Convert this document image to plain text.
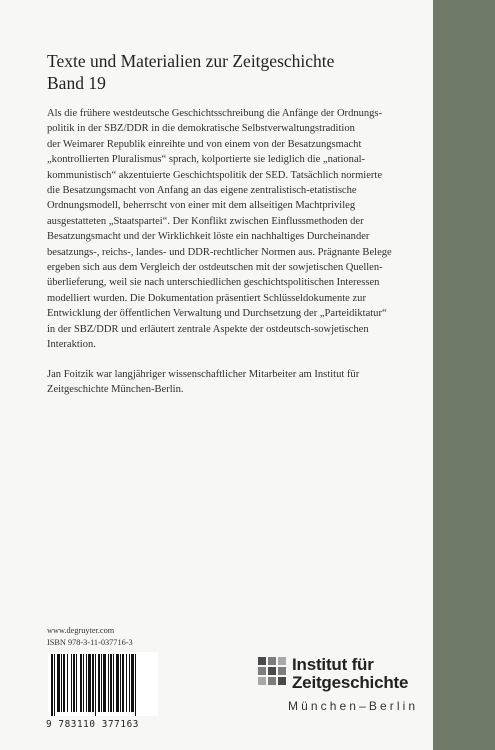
Texte und Materialien zur Zeitgeschichte
Band 19
Als die frühere westdeutsche Geschichtsschreibung die Anfänge der Ordnungs-
politik in der SBZ/DDR in die demokratische Selbstverwaltungstradition
der Weimarer Republik einreihte und von einem von der Besatzungsmacht
„kontrollierten Pluralismus“ sprach, kolportierte sie lediglich die „national-
kommunistisch“ akzentuierte Geschichtspolitik der SED. Tatsächlich normierte
die Besatzungsmacht von Anfang an das eigene zentralistisch-etatistische
Ordnungsmodell, beherrscht von einer mit dem allseitigen Machtprivileg
ausgestatteten „Staatspartei“. Der Konflikt zwischen Einflussmethoden der
Besatzungsmacht und der Wirklichkeit löste ein nachhaltiges Durcheinander
besatzungs-, reichs-, landes- und DDR-rechtlicher Normen aus. Prägnante Belege
ergeben sich aus dem Vergleich der ostdeutschen mit der sowjetischen Quellen-
überlieferung, weil sie nach unterschiedlichen geschichtspolitischen Interessen
modelliert wurden. Die Dokumentation präsentiert Schlüsseldokumente zur
Entwicklung der öffentlichen Verwaltung und Durchsetzung der „Parteidiktatur“
in der SBZ/DDR und erläutert zentrale Aspekte der ostdeutsch-sowjetischen
Interaktion.
Jan Foitzik war langjähriger wissenschaftlicher Mitarbeiter am Institut für
Zeitgeschichte München-Berlin.
www.degruyter.com
ISBN 978-3-11-037716-3
9 783110 377163
Institut für
Zeitgeschichte
München–Berlin
